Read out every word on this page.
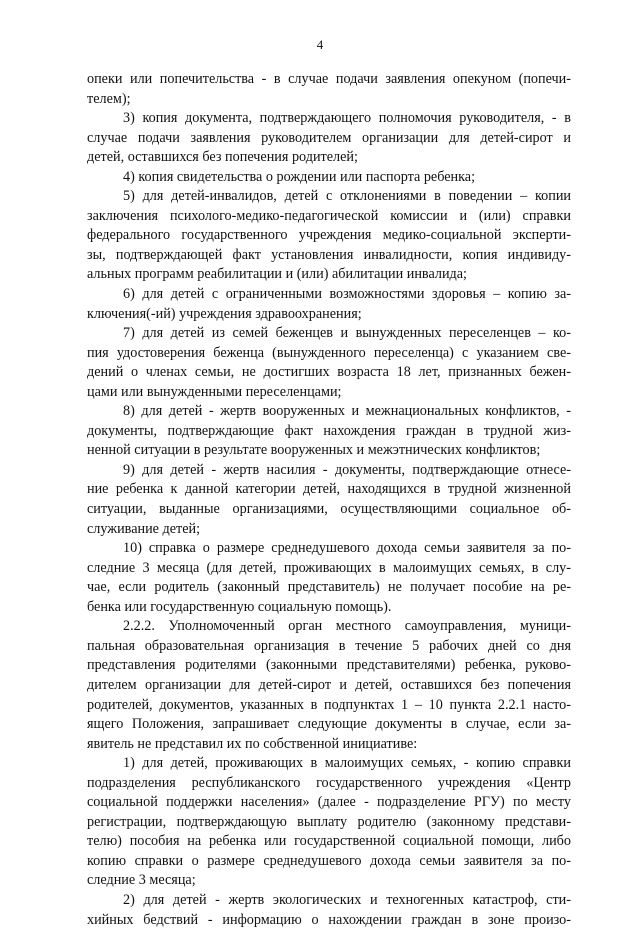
4
опеки или попечительства - в случае подачи заявления опекуном (попечи-
телем);
3) копия документа, подтверждающего полномочия руководителя, - в
случае подачи заявления руководителем организации для детей-сирот и
детей, оставшихся без попечения родителей;
4) копия свидетельства о рождении или паспорта ребенка;
5) для детей-инвалидов, детей с отклонениями в поведении – копии
заключения психолого-медико-педагогической комиссии и (или) справки
федерального государственного учреждения медико-социальной эксперти-
зы, подтверждающей факт установления инвалидности, копия индивиду-
альных программ реабилитации и (или) абилитации инвалида;
6) для детей с ограниченными возможностями здоровья – копию за-
ключения(-ий) учреждения здравоохранения;
7) для детей из семей беженцев и вынужденных переселенцев – ко-
пия удостоверения беженца (вынужденного переселенца) с указанием све-
дений о членах семьи, не достигших возраста 18 лет, признанных бежен-
цами или вынужденными переселенцами;
8) для детей - жертв вооруженных и межнациональных конфликтов, -
документы, подтверждающие факт нахождения граждан в трудной жиз-
ненной ситуации в результате вооруженных и межэтнических конфликтов;
9) для детей - жертв насилия - документы, подтверждающие отнесе-
ние ребенка к данной категории детей, находящихся в трудной жизненной
ситуации, выданные организациями, осуществляющими социальное об-
служивание детей;
10) справка о размере среднедушевого дохода семьи заявителя за по-
следние 3 месяца (для детей, проживающих в малоимущих семьях, в слу-
чае, если родитель (законный представитель) не получает пособие на ре-
бенка или государственную социальную помощь).
2.2.2. Уполномоченный орган местного самоуправления, муници-
пальная образовательная организация в течение 5 рабочих дней со дня
представления родителями (законными представителями) ребенка, руково-
дителем организации для детей-сирот и детей, оставшихся без попечения
родителей, документов, указанных в подпунктах 1 – 10 пункта 2.2.1 насто-
ящего Положения, запрашивает следующие документы в случае, если за-
явитель не представил их по собственной инициативе:
1) для детей, проживающих в малоимущих семьях, - копию справки
подразделения республиканского государственного учреждения «Центр
социальной поддержки населения» (далее - подразделение РГУ) по месту
регистрации, подтверждающую выплату родителю (законному представи-
телю) пособия на ребенка или государственной социальной помощи, либо
копию справки о размере среднедушевого дохода семьи заявителя за по-
следние 3 месяца;
2) для детей - жертв экологических и техногенных катастроф, сти-
хийных бедствий - информацию о нахождении граждан в зоне произо-
